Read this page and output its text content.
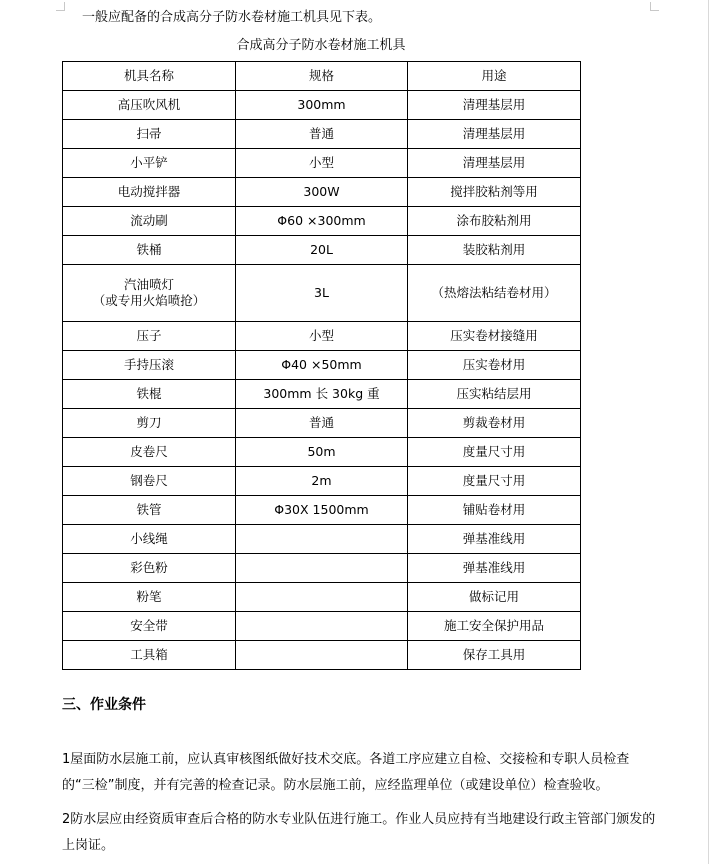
一般应配备的合成高分子防水卷材施工机具见下表。
合成高分子防水卷材施工机具
机具名称	规格	用途
高压吹风机	300mm	清理基层用
扫帚	普通	清理基层用
小平铲	小型	清理基层用
电动搅拌器	300W	搅拌胶粘剂等用
流动刷	Φ60 ×300mm	涂布胶粘剂用
铁桶	20L	装胶粘剂用

汽油喷灯
（或专用火焰喷抢）	3L	（热熔法粘结卷材用）
压子	小型	压实卷材接缝用
手持压滚	Φ40 ×50mm	压实卷材用
铁棍	300mm 长 30kg 重	压实粘结层用
剪刀	普通	剪裁卷材用
皮卷尺	50m	度量尺寸用
钢卷尺	2m	度量尺寸用
铁管	Φ30X 1500mm	铺贴卷材用
小线绳		弹基准线用
彩色粉		弹基准线用
粉笔		做标记用
安全带		施工安全保护用品
工具箱		保存工具用
三、作业条件
1屋面防水层施工前，应认真审核图纸做好技术交底。各道工序应建立自检、交接检和专职人员检查的“三检”制度，并有完善的检查记录。防水层施工前，应经监理单位（或建设单位）检查验收。
2防水层应由经资质审查后合格的防水专业队伍进行施工。作业人员应持有当地建设行政主管部门颁发的上岗证。
